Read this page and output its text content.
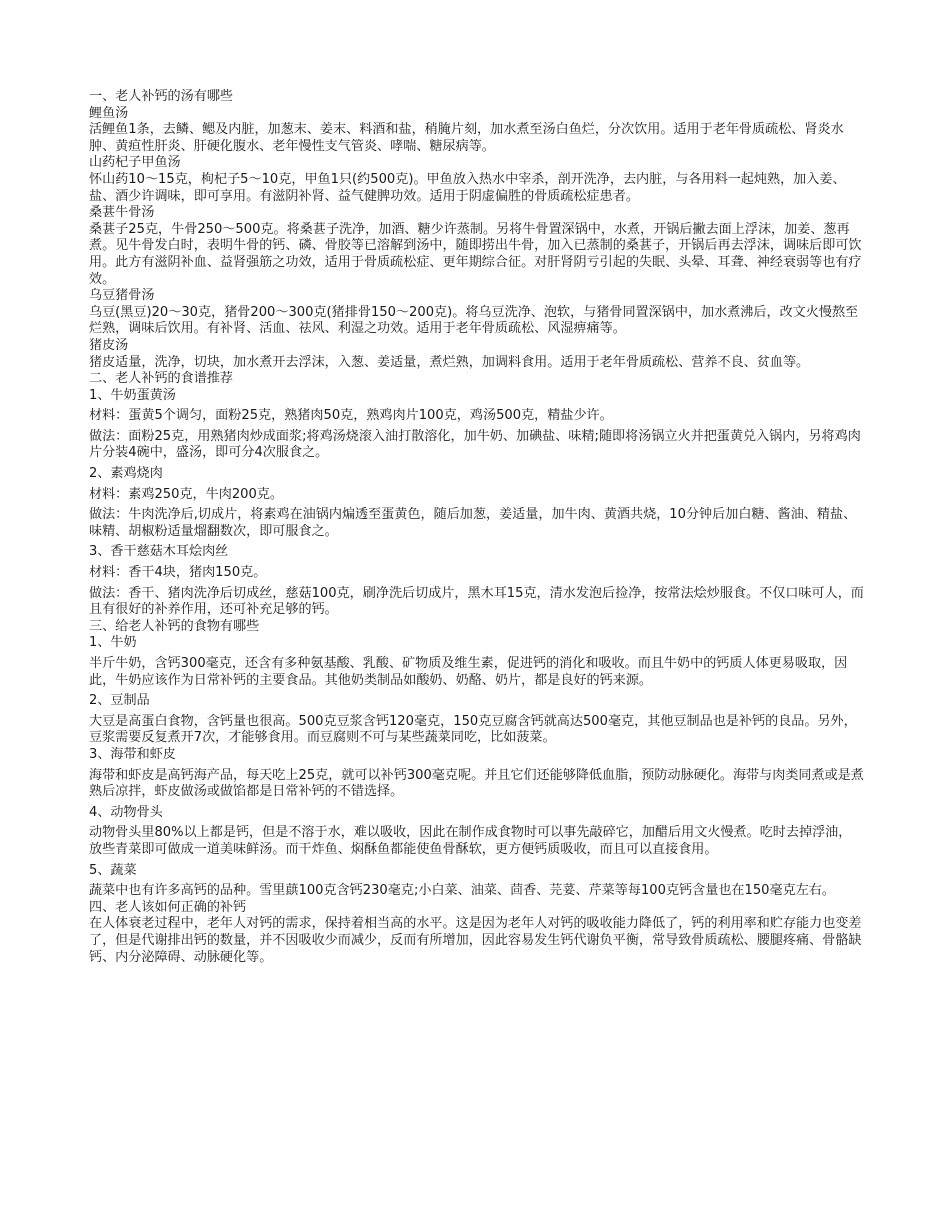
一、老人补钙的汤有哪些
鲤鱼汤
活鲤鱼1条，去鳞、鳃及内脏，加葱末、姜末、料酒和盐，稍腌片刻，加水煮至汤白鱼烂，分次饮用。适用于老年骨质疏松、肾炎水肿、黄疸性肝炎、肝硬化腹水、老年慢性支气管炎、哮喘、糖尿病等。
山药杞子甲鱼汤
怀山药10～15克，枸杞子5～10克，甲鱼1只(约500克)。甲鱼放入热水中宰杀，剖开洗净，去内脏，与各用料一起炖熟，加入姜、盐、酒少许调味，即可享用。有滋阴补肾、益气健脾功效。适用于阴虚偏胜的骨质疏松症患者。
桑葚牛骨汤
桑葚子25克，牛骨250～500克。将桑葚子洗净，加酒、糖少许蒸制。另将牛骨置深锅中，水煮，开锅后撇去面上浮沫，加姜、葱再煮。见牛骨发白时，表明牛骨的钙、磷、骨胶等已溶解到汤中，随即捞出牛骨，加入已蒸制的桑葚子，开锅后再去浮沫，调味后即可饮用。此方有滋阴补血、益肾强筋之功效，适用于骨质疏松症、更年期综合征。对肝肾阴亏引起的失眠、头晕、耳聋、神经衰弱等也有疗效。
乌豆猪骨汤
乌豆(黑豆)20～30克，猪骨200～300克(猪排骨150～200克)。将乌豆洗净、泡软，与猪骨同置深锅中，加水煮沸后，改文火慢熬至烂熟，调味后饮用。有补肾、活血、祛风、利湿之功效。适用于老年骨质疏松、风湿痹痛等。
猪皮汤
猪皮适量，洗净，切块，加水煮开去浮沫，入葱、姜适量，煮烂熟，加调料食用。适用于老年骨质疏松、营养不良、贫血等。
二、老人补钙的食谱推荐
1、牛奶蛋黄汤
材料：蛋黄5个调匀，面粉25克，熟猪肉50克，熟鸡肉片100克，鸡汤500克，精盐少许。
做法：面粉25克，用熟猪肉炒成面浆;将鸡汤烧滚入油打散溶化，加牛奶、加碘盐、味精;随即将汤锅立火并把蛋黄兑入锅内，另将鸡肉片分装4碗中，盛汤，即可分4次服食之。
2、素鸡烧肉
材料：素鸡250克，牛肉200克。
做法：牛肉洗净后,切成片，将素鸡在油锅内煸透至蛋黄色，随后加葱，姜适量，加牛肉、黄酒共烧，10分钟后加白糖、酱油、精盐、味精、胡椒粉适量熘翻数次，即可服食之。
3、香干慈菇木耳烩肉丝
材料：香干4块，猪肉150克。
做法：香干、猪肉洗净后切成丝，慈菇100克，刷净洗后切成片，黑木耳15克，清水发泡后捡净，按常法烩炒服食。不仅口味可人，而且有很好的补养作用，还可补充足够的钙。
三、给老人补钙的食物有哪些
1、牛奶
半斤牛奶，含钙300毫克，还含有多种氨基酸、乳酸、矿物质及维生素，促进钙的消化和吸收。而且牛奶中的钙质人体更易吸取，因此，牛奶应该作为日常补钙的主要食品。其他奶类制品如酸奶、奶酪、奶片，都是良好的钙来源。
2、豆制品
大豆是高蛋白食物，含钙量也很高。500克豆浆含钙120毫克，150克豆腐含钙就高达500毫克，其他豆制品也是补钙的良品。另外，豆浆需要反复煮开7次，才能够食用。而豆腐则不可与某些蔬菜同吃，比如菠菜。
3、海带和虾皮
海带和虾皮是高钙海产品，每天吃上25克，就可以补钙300毫克呢。并且它们还能够降低血脂，预防动脉硬化。海带与肉类同煮或是煮熟后凉拌，虾皮做汤或做馅都是日常补钙的不错选择。
4、动物骨头
动物骨头里80%以上都是钙，但是不溶于水，难以吸收，因此在制作成食物时可以事先敲碎它，加醋后用文火慢煮。吃时去掉浮油，放些青菜即可做成一道美味鲜汤。而干炸鱼、焖酥鱼都能使鱼骨酥软，更方便钙质吸收，而且可以直接食用。
5、蔬菜
蔬菜中也有许多高钙的品种。雪里蕻100克含钙230毫克;小白菜、油菜、茴香、芫荽、芹菜等每100克钙含量也在150毫克左右。
四、老人该如何正确的补钙
在人体衰老过程中，老年人对钙的需求，保持着相当高的水平。这是因为老年人对钙的吸收能力降低了，钙的利用率和贮存能力也变差了，但是代谢排出钙的数量，并不因吸收少而减少，反而有所增加，因此容易发生钙代谢负平衡，常导致骨质疏松、腰腿疼痛、骨骼缺钙、内分泌障碍、动脉硬化等。
